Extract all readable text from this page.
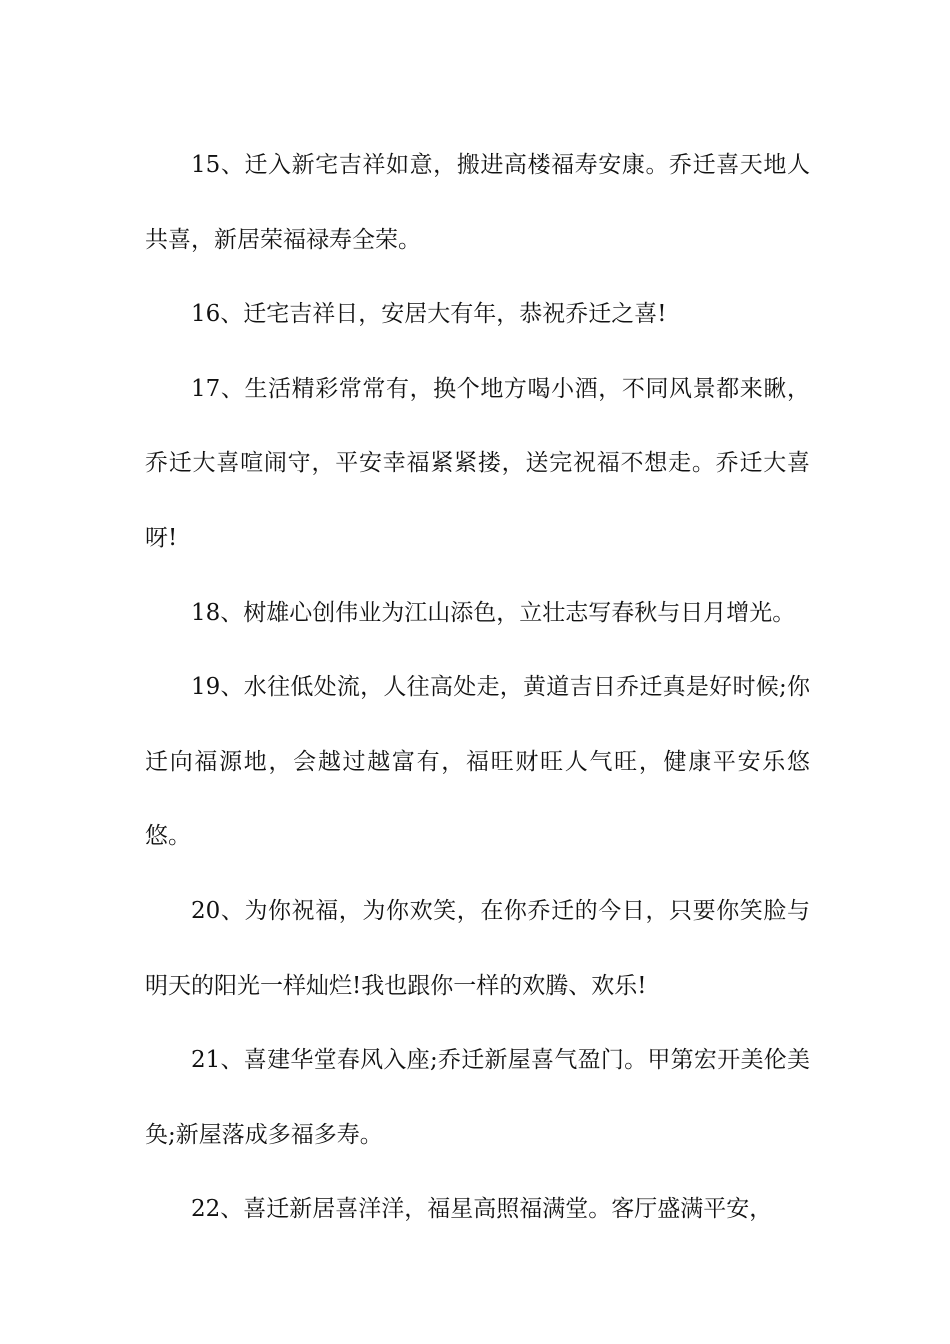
15、迁入新宅吉祥如意，搬进高楼福寿安康。乔迁喜天地人共喜，新居荣福禄寿全荣。

16、迁宅吉祥日，安居大有年，恭祝乔迁之喜!

17、生活精彩常常有，换个地方喝小酒，不同风景都来瞅，乔迁大喜喧闹守，平安幸福紧紧搂，送完祝福不想走。乔迁大喜呀!

18、树雄心创伟业为江山添色，立壮志写春秋与日月增光。

19、水往低处流，人往高处走，黄道吉日乔迁真是好时候;你迁向福源地，会越过越富有，福旺财旺人气旺，健康平安乐悠悠。

20、为你祝福，为你欢笑，在你乔迁的今日，只要你笑脸与明天的阳光一样灿烂!我也跟你一样的欢腾、欢乐!

21、喜建华堂春风入座;乔迁新屋喜气盈门。甲第宏开美伦美奂;新屋落成多福多寿。

22、喜迁新居喜洋洋，福星高照福满堂。客厅盛满平安，
